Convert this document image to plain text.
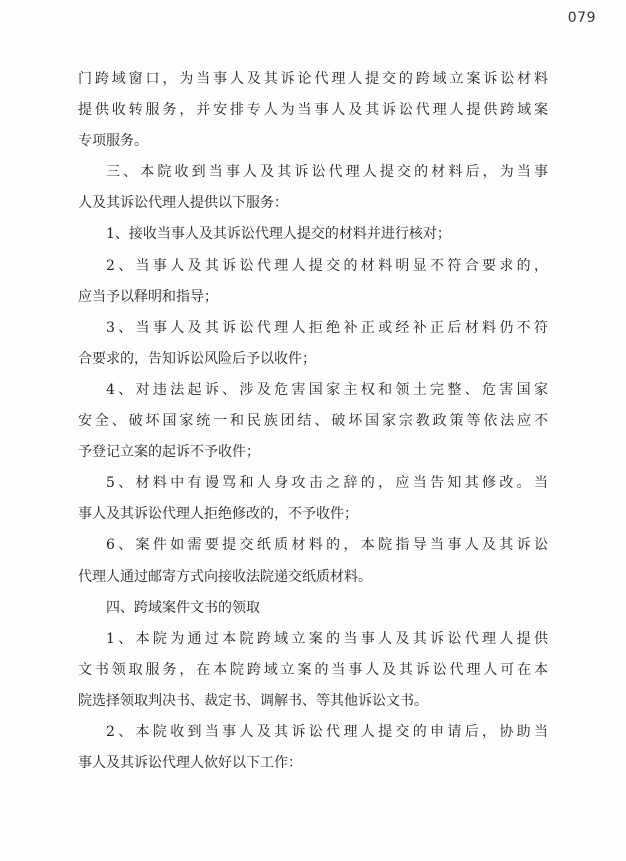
079
门跨域窗口，为当事人及其诉论代理人提交的跨域立案诉讼材料
提供收转服务，并安排专人为当事人及其诉讼代理人提供跨域案
专项服务。
三、本院收到当事人及其诉讼代理人提交的材料后，为当事
人及其诉讼代理人提供以下服务：
1、接收当事人及其诉讼代理人提交的材料并进行核对；
2、当事人及其诉讼代理人提交的材料明显不符合要求的，
应当予以释明和指导；
3、当事人及其诉讼代理人拒绝补正或经补正后材料仍不符
合要求的，告知诉讼风险后予以收件；
4、对违法起诉、涉及危害国家主权和领土完整、危害国家
安全、破坏国家统一和民族团结、破坏国家宗教政策等依法应不
予登记立案的起诉不予收件；
5、材料中有谩骂和人身攻击之辞的，应当告知其修改。当
事人及其诉讼代理人拒绝修改的，不予收件；
6、案件如需要提交纸质材料的，本院指导当事人及其诉讼
代理人通过邮寄方式向接收法院递交纸质材料。
四、跨域案件文书的领取
1、本院为通过本院跨域立案的当事人及其诉讼代理人提供
文书领取服务，在本院跨域立案的当事人及其诉讼代理人可在本
院选择领取判决书、裁定书、调解书、等其他诉讼文书。
2、本院收到当事人及其诉讼代理人提交的申请后，协助当
事人及其诉讼代理人佽好以下工作：
